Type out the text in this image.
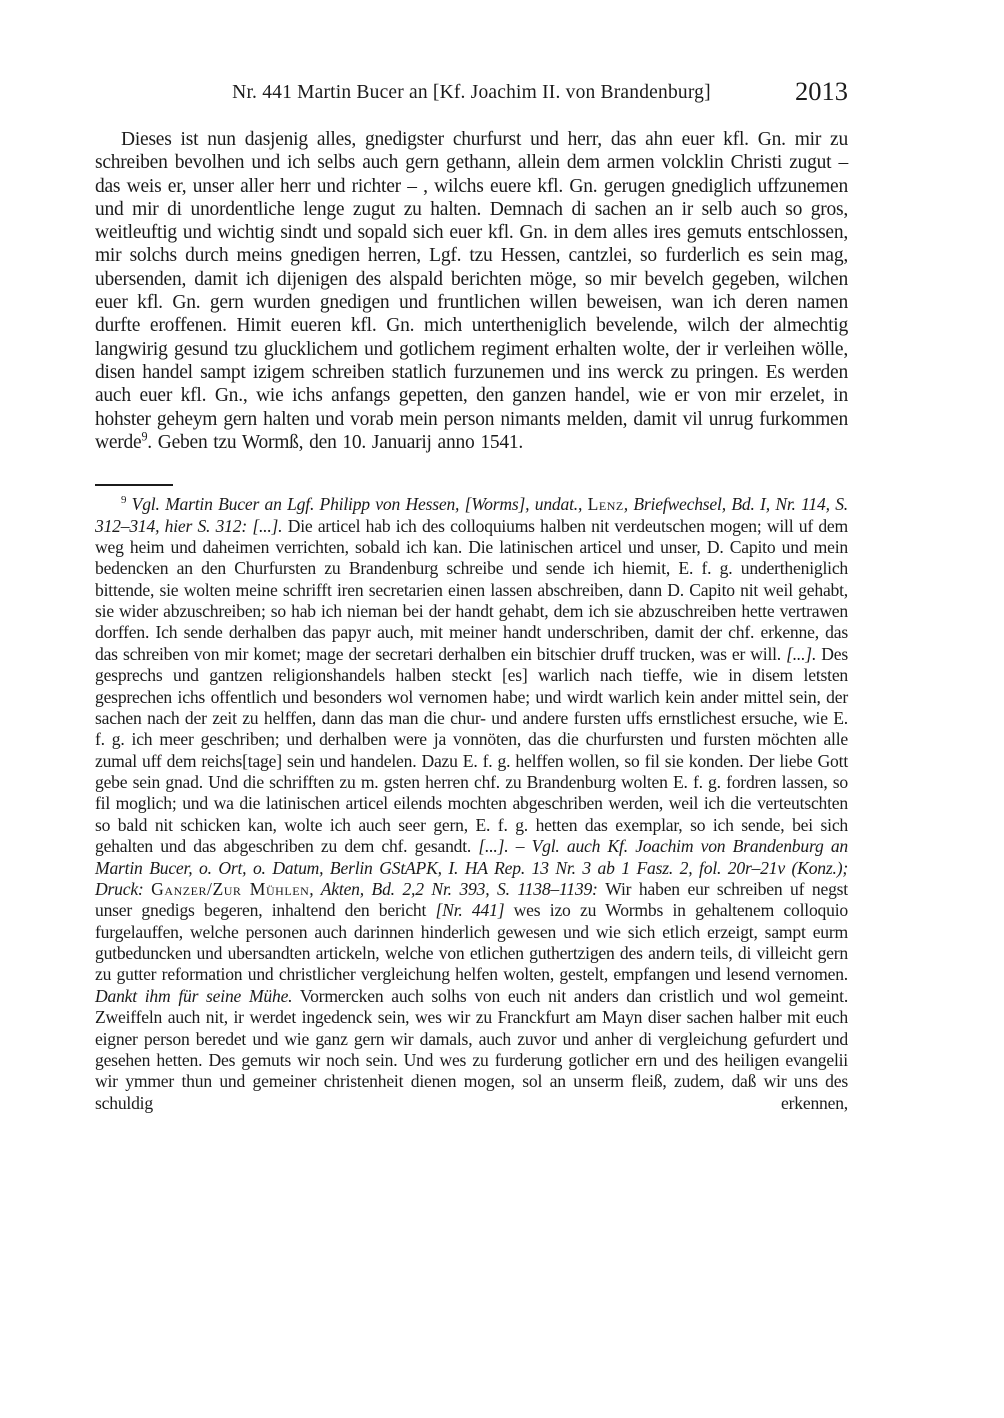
Nr. 441 Martin Bucer an [Kf. Joachim II. von Brandenburg]	2013

Dieses ist nun dasjenig alles, gnedigster churfurst und herr, das ahn euer kfl. Gn. mir zu schreiben bevolhen und ich selbs auch gern gethann, allein dem armen volcklin Christi zugut – das weis er, unser aller herr und richter – , wilchs euere kfl. Gn. gerugen gnediglich uffzunemen und mir di unordentliche lenge zugut zu halten. Demnach di sachen an ir selb auch so gros, weitleuftig und wichtig sindt und sopald sich euer kfl. Gn. in dem alles ires gemuts entschlossen, mir solchs durch meins gnedigen herren, Lgf. tzu Hessen, cantzlei, so furderlich es sein mag, ubersenden, damit ich dijenigen des alspald berichten möge, so mir bevelch gegeben, wilchen euer kfl. Gn. gern wurden gnedigen und fruntlichen willen beweisen, wan ich deren namen durfte eroffenen. Himit eueren kfl. Gn. mich untertheniglich bevelende, wilch der almechtig langwirig gesund tzu glucklichem und gotlichem regiment erhalten wolte, der ir verleihen wölle, disen handel sampt izigem schreiben statlich furzunemen und ins werck zu pringen. Es werden auch euer kfl. Gn., wie ichs anfangs gepetten, den ganzen handel, wie er von mir erzelet, in hohster geheym gern halten und vorab mein person nimants melden, damit vil unrug furkommen werde$^9$. Geben tzu Wormß, den 10. Januarij anno 1541.

$^9$ Vgl. Martin Bucer an Lgf. Philipp von Hessen, [Worms], undat., Lenz, Briefwechsel, Bd. I, Nr. 114, S. 312–314, hier S. 312: [...]. Die articel hab ich des colloquiums halben nit verdeutschen mogen; will uf dem weg heim und daheimen verrichten, sobald ich kan. Die latinischen articel und unser, D. Capito und mein bedencken an den Churfursten zu Brandenburg schreibe und sende ich hiemit, E. f. g. undertheniglich bittende, sie wolten meine schrifft iren secretarien einen lassen abschreiben, dann D. Capito nit weil gehabt, sie wider abzuschreiben; so hab ich nieman bei der handt gehabt, dem ich sie abzuschreiben hette vertrawen dorffen. Ich sende derhalben das papyr auch, mit meiner handt underschriben, damit der chf. erkenne, das das schreiben von mir komet; mage der secretari derhalben ein bitschier druff trucken, was er will. [...]. Des gesprechs und gantzen religionshandels halben steckt [es] warlich nach tieffe, wie in disem letsten gesprechen ichs offentlich und besonders wol vernomen habe; und wirdt warlich kein ander mittel sein, der sachen nach der zeit zu helffen, dann das man die chur- und andere fursten uffs ernstlichest ersuche, wie E. f. g. ich meer geschriben; und derhalben were ja vonnöten, das die churfursten und fursten möchten alle zumal uff dem reichs[tage] sein und handelen. Dazu E. f. g. helffen wollen, so fil sie konden. Der liebe Gott gebe sein gnad. Und die schrifften zu m. gsten herren chf. zu Brandenburg wolten E. f. g. fordren lassen, so fil moglich; und wa die latinischen articel eilends mochten abgeschriben werden, weil ich die verteutschten so bald nit schicken kan, wolte ich auch seer gern, E. f. g. hetten das exemplar, so ich sende, bei sich gehalten und das abgeschriben zu dem chf. gesandt. [...]. – Vgl. auch Kf. Joachim von Brandenburg an Martin Bucer, o. Ort, o. Datum, Berlin GStAPK, I. HA Rep. 13 Nr. 3 ab 1 Fasz. 2, fol. 20r–21v (Konz.); Druck: Ganzer/Zur Mühlen, Akten, Bd. 2,2 Nr. 393, S. 1138–1139: Wir haben eur schreiben uf negst unser gnedigs begeren, inhaltend den bericht [Nr. 441] wes izo zu Wormbs in gehaltenem colloquio furgelauffen, welche personen auch darinnen hinderlich gewesen und wie sich etlich erzeigt, sampt eurm gutbeduncken und ubersandten artickeln, welche von etlichen guthertzigen des andern teils, di villeicht gern zu gutter reformation und christlicher vergleichung helfen wolten, gestelt, empfangen und lesend vernomen. Dankt ihm für seine Mühe. Vormercken auch solhs von euch nit anders dan cristlich und wol gemeint. Zweiffeln auch nit, ir werdet ingedenck sein, wes wir zu Franckfurt am Mayn diser sachen halber mit euch eigner person beredet und wie ganz gern wir damals, auch zuvor und anher di vergleichung gefurdert und gesehen hetten. Des gemuts wir noch sein. Und wes zu furderung gotlicher ern und des heiligen evangelii wir ymmer thun und gemeiner christenheit dienen mogen, sol an unserm fleiß, zudem, daß wir uns des schuldig erkennen,
